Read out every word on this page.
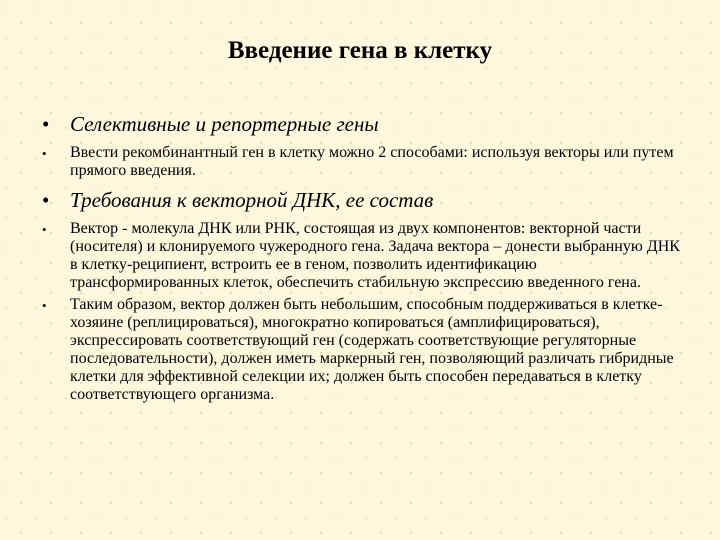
Введение гена в клетку
• Селективные и репортерные гены
• Ввести рекомбинантный ген в клетку можно 2 способами: используя векторы или путем прямого введения.
• Требования к векторной ДНК, ее состав
• Вектор - молекула ДНК или РНК, состоящая из двух компонентов: векторной части (носителя) и клонируемого чужеродного гена. Задача вектора – донести выбранную ДНК в клетку-реципиент, встроить ее в геном, позволить идентификацию трансформированных клеток, обеспечить стабильную экспрессию введенного гена.
• Таким образом, вектор должен быть небольшим, способным поддерживаться в клетке-хозяине (реплицироваться), многократно копироваться (амплифицироваться), экспрессировать соответствующий ген (содержать соответствующие регуляторные последовательности), должен иметь маркерный ген, позволяющий различать гибридные клетки для эффективной селекции их; должен быть способен передаваться в клетку соответствующего организма.
